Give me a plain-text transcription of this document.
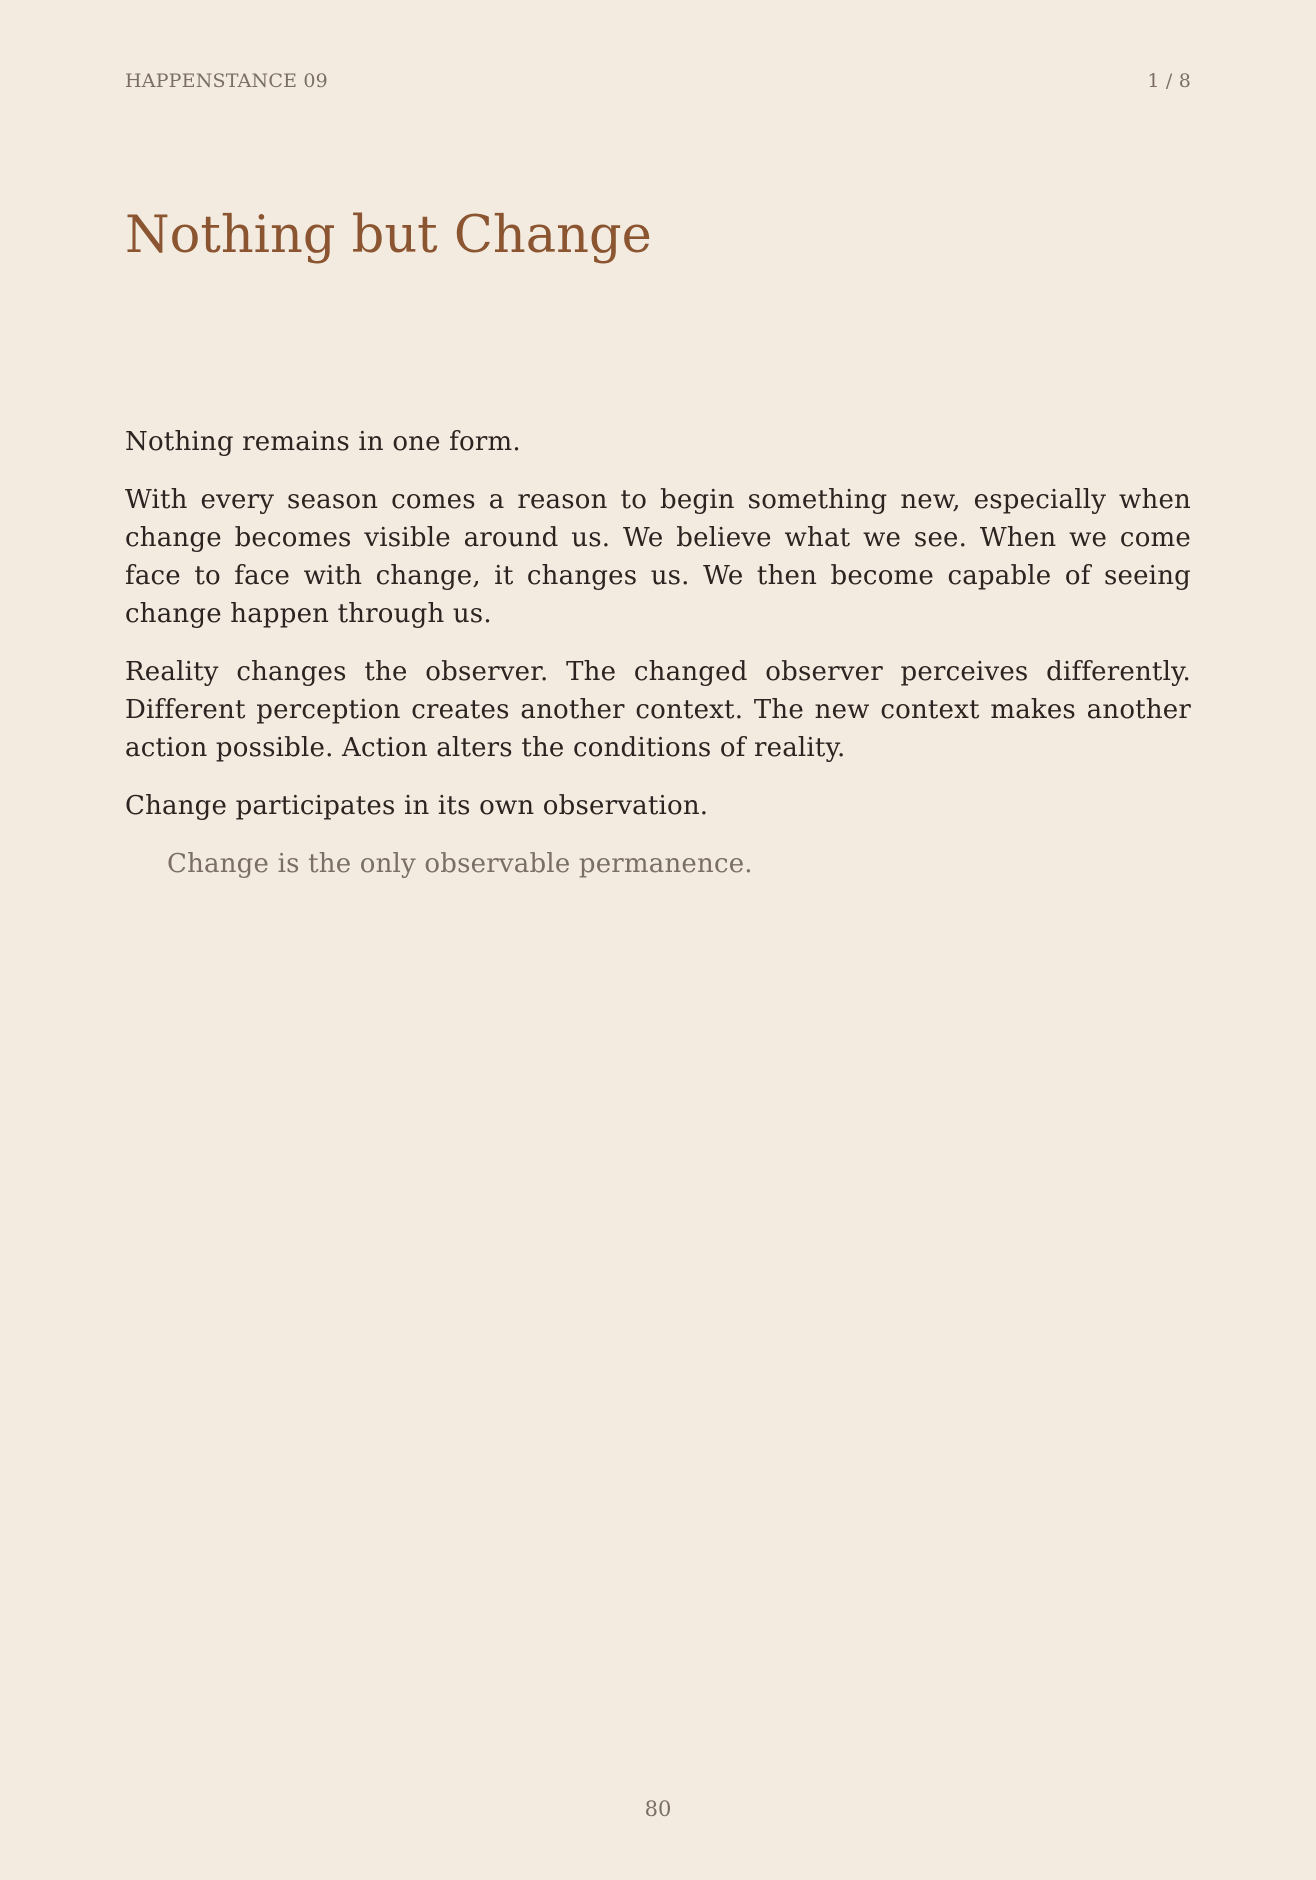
HAPPENSTANCE 09	1 / 8
Nothing but Change

Nothing remains in one form.

With every season comes a reason to begin something new, especially when change becomes visible around us. We believe what we see. When we come face to face with change, it changes us. We then become capable of seeing change happen through us.

Reality changes the observer. The changed observer perceives differently. Different perception creates another context. The new context makes another action possible. Action alters the conditions of reality.

Change participates in its own observation.

Change is the only observable permanence.

80
